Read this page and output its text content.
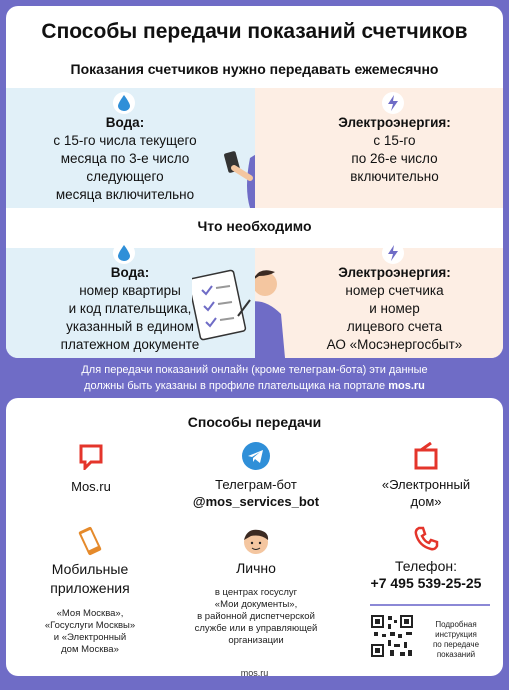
Способы передачи показаний счетчиков
Показания счетчиков нужно передавать ежемесячно
Вода:
с 15-го числа текущего
месяца по 3-е число
следующего
месяца включительно
Электроэнергия:
с 15-го
по 26-е число
включительно
Что необходимо
Вода:
номер квартиры
и код плательщика,
указанный в едином
платежном документе
Электроэнергия:
номер счетчика
и номер
лицевого счета
АО «Мосэнергосбыт»
Для передачи показаний онлайн (кроме телеграм-бота) эти данные
должны быть указаны в профиле плательщика на портале mos.ru
Способы передачи
Mos.ru	Телеграм-бот
@mos_services_bot
«Электронный
дом»
Мобильные
приложения
«Моя Москва»,
«Госуслуги Москвы»
и «Электронный
дом Москва»
Лично
в центрах госуслуг
«Мои документы»,
в районной диспетчерской
службе или в управляющей
организации
Телефон:
+7 495 539-25-25
Подробная
инструкция
по передаче
показаний
mos.ru
